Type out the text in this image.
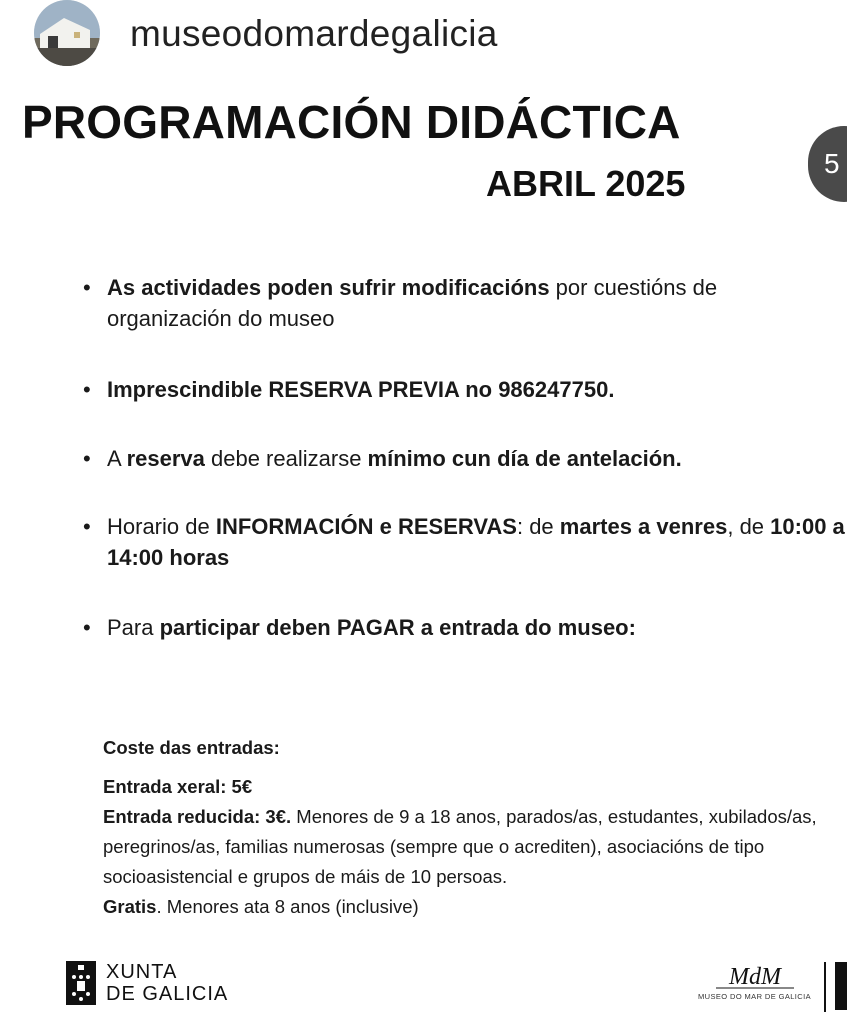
museodomardegalicia
PROGRAMACIÓN DIDÁCTICA
ABRIL 2025	5
• As actividades poden sufrir modificacións por cuestións de organización do museo
• Imprescindible RESERVA PREVIA no 986247750.
• A reserva debe realizarse mínimo cun día de antelación.
• Horario de INFORMACIÓN e RESERVAS: de martes a venres, de 10:00 a 14:00 horas
• Para participar deben PAGAR a entrada do museo:
Coste das entradas:
Entrada xeral: 5€
Entrada reducida: 3€. Menores de 9 a 18 anos, parados/as, estudantes, xubilados/as, peregrinos/as, familias numerosas (sempre que o acrediten), asociacións de tipo socioasistencial e grupos de máis de 10 persoas.
Gratis. Menores ata 8 anos (inclusive)
XUNTA
DE GALICIA
MdM
MUSEO DO MAR DE GALICIA
